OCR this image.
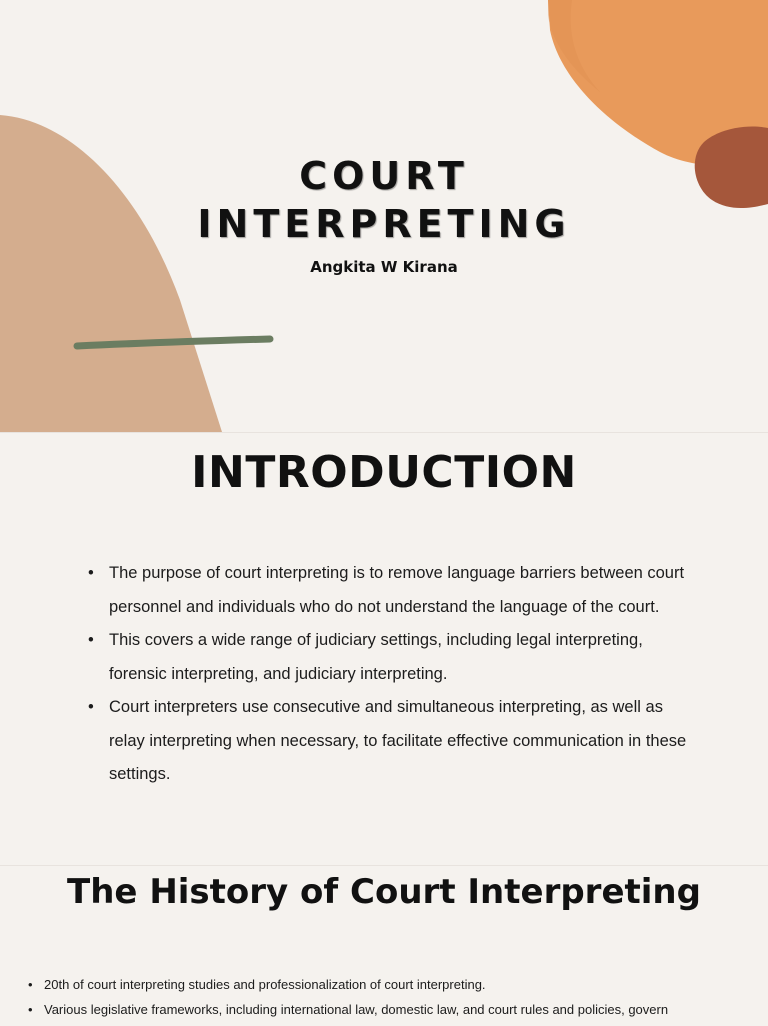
COURT
INTERPRETING
Angkita W Kirana
INTRODUCTION
• The purpose of court interpreting is to remove language barriers between court personnel and individuals who do not understand the language of the court.
• This covers a wide range of judiciary settings, including legal interpreting, forensic interpreting, and judiciary interpreting.
• Court interpreters use consecutive and simultaneous interpreting, as well as relay interpreting when necessary, to facilitate effective communication in these settings.
The History of Court Interpreting
• 20th of court interpreting studies and professionalization of court interpreting.
• Various legislative frameworks, including international law, domestic law, and court rules and policies, govern
